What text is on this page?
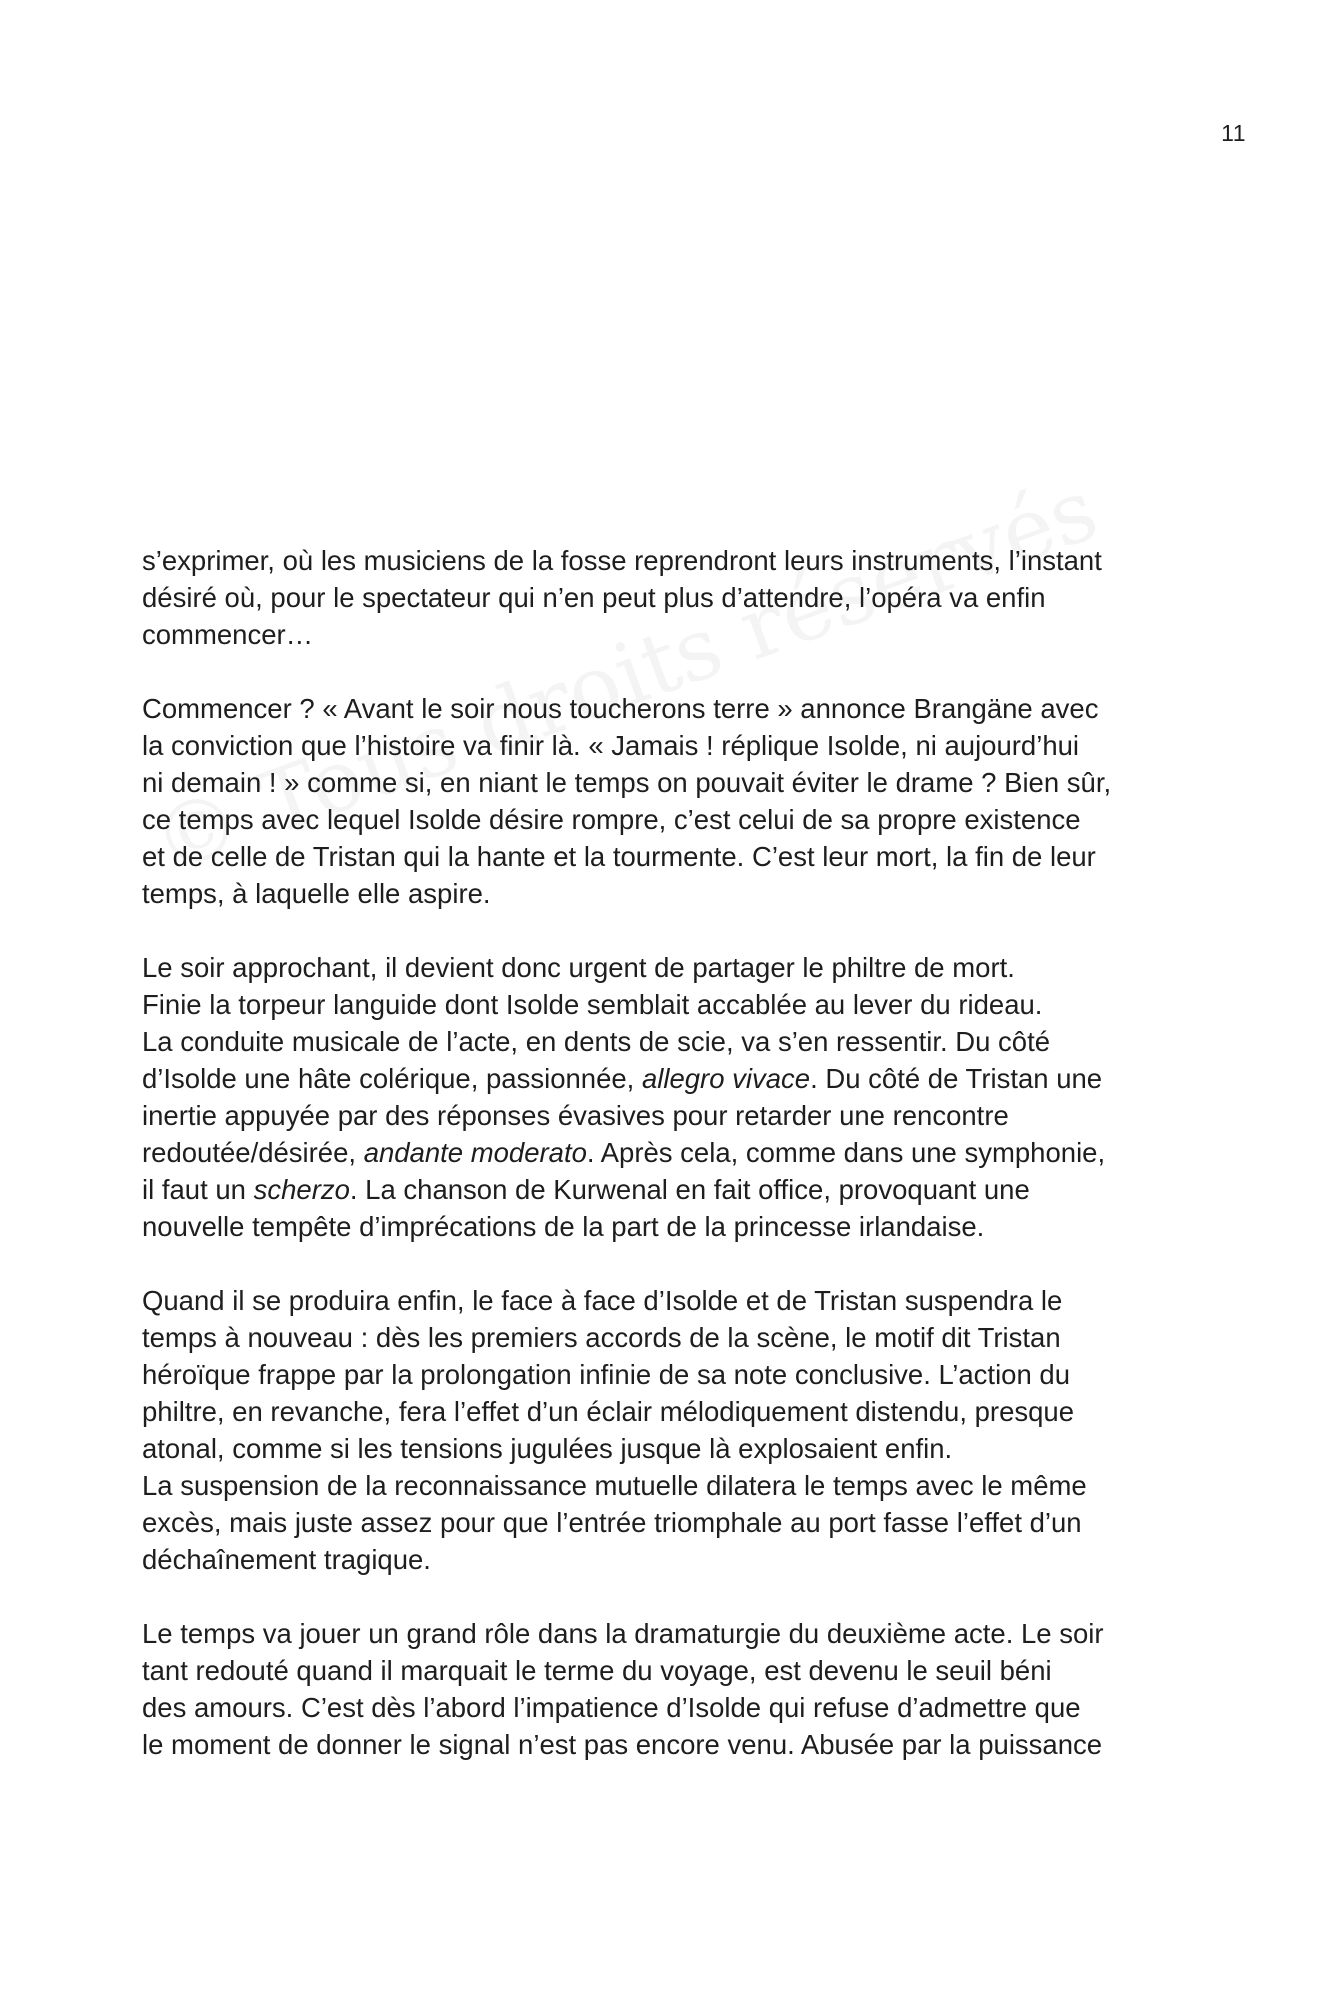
11

s’exprimer, où les musiciens de la fosse reprendront leurs instruments, l’instant
désiré où, pour le spectateur qui n’en peut plus d’attendre, l’opéra va enfin
commencer…

Commencer ? « Avant le soir nous toucherons terre » annonce Brangäne avec
la conviction que l’histoire va finir là. « Jamais ! réplique Isolde, ni aujourd’hui
ni demain ! » comme si, en niant le temps on pouvait éviter le drame ? Bien sûr,
ce temps avec lequel Isolde désire rompre, c’est celui de sa propre existence
et de celle de Tristan qui la hante et la tourmente. C’est leur mort, la fin de leur
temps, à laquelle elle aspire.

Le soir approchant, il devient donc urgent de partager le philtre de mort.
Finie la torpeur languide dont Isolde semblait accablée au lever du rideau.
La conduite musicale de l’acte, en dents de scie, va s’en ressentir. Du côté
d’Isolde une hâte colérique, passionnée, allegro vivace. Du côté de Tristan une
inertie appuyée par des réponses évasives pour retarder une rencontre
redoutée/désirée, andante moderato. Après cela, comme dans une symphonie,
il faut un scherzo. La chanson de Kurwenal en fait office, provoquant une
nouvelle tempête d’imprécations de la part de la princesse irlandaise.

Quand il se produira enfin, le face à face d’Isolde et de Tristan suspendra le
temps à nouveau : dès les premiers accords de la scène, le motif dit Tristan
héroïque frappe par la prolongation infinie de sa note conclusive. L’action du
philtre, en revanche, fera l’effet d’un éclair mélodiquement distendu, presque
atonal, comme si les tensions jugulées jusque là explosaient enfin.
La suspension de la reconnaissance mutuelle dilatera le temps avec le même
excès, mais juste assez pour que l’entrée triomphale au port fasse l’effet d’un
déchaînement tragique.

Le temps va jouer un grand rôle dans la dramaturgie du deuxième acte. Le soir
tant redouté quand il marquait le terme du voyage, est devenu le seuil béni
des amours. C’est dès l’abord l’impatience d’Isolde qui refuse d’admettre que
le moment de donner le signal n’est pas encore venu. Abusée par la puissance
